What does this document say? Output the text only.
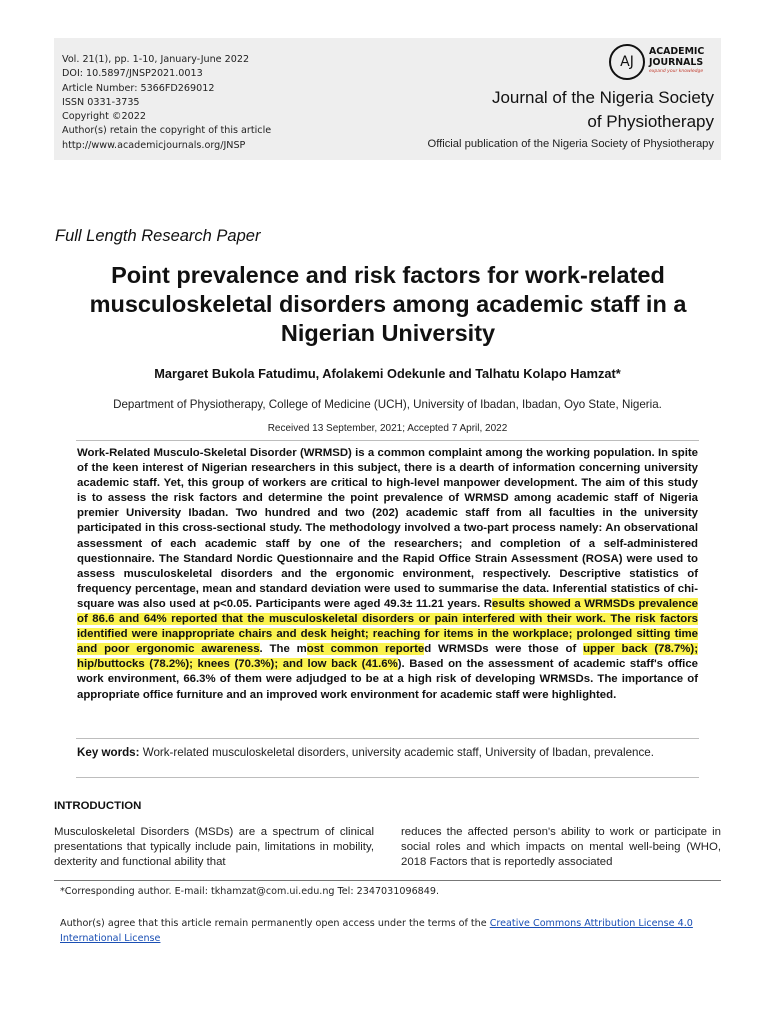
Vol. 21(1), pp. 1-10, January-June 2022
DOI: 10.5897/JNSP2021.0013
Article Number: 5366FD269012
ISSN 0331-3735
Copyright ©2022
Author(s) retain the copyright of this article
http://www.academicjournals.org/JNSP
AJ
ACADEMIC
JOURNALS
expand your knowledge
Journal of the Nigeria Society
of Physiotherapy
Official publication of the Nigeria Society of Physiotherapy
Full Length Research Paper
Point prevalence and risk factors for work-related musculoskeletal disorders among academic staff in a Nigerian University
Margaret Bukola Fatudimu, Afolakemi Odekunle and Talhatu Kolapo Hamzat*
Department of Physiotherapy, College of Medicine (UCH), University of Ibadan, Ibadan, Oyo State, Nigeria.
Received 13 September, 2021; Accepted 7 April, 2022
Work-Related Musculo-Skeletal Disorder (WRMSD) is a common complaint among the working population. In spite of the keen interest of Nigerian researchers in this subject, there is a dearth of information concerning university academic staff. Yet, this group of workers are critical to high-level manpower development. The aim of this study is to assess the risk factors and determine the point prevalence of WRMSD among academic staff of Nigeria premier University Ibadan. Two hundred and two (202) academic staff from all faculties in the university participated in this cross-sectional study. The methodology involved a two-part process namely: An observational assessment of each academic staff by one of the researchers; and completion of a self-administered questionnaire. The Standard Nordic Questionnaire and the Rapid Office Strain Assessment (ROSA) were used to assess musculoskeletal disorders and the ergonomic environment, respectively. Descriptive statistics of frequency percentage, mean and standard deviation were used to summarise the data. Inferential statistics of chi-square was also used at p<0.05. Participants were aged 49.3± 11.21 years. Results showed a WRMSDs prevalence of 86.6 and 64% reported that the musculoskeletal disorders or pain interfered with their work. The risk factors identified were inappropriate chairs and desk height; reaching for items in the workplace; prolonged sitting time and poor ergonomic awareness. The most common reported WRMSDs were those of upper back (78.7%); hip/buttocks (78.2%); knees (70.3%); and low back (41.6%). Based on the assessment of academic staff's office work environment, 66.3% of them were adjudged to be at a high risk of developing WRMSDs. The importance of appropriate office furniture and an improved work environment for academic staff were highlighted.
Key words: Work-related musculoskeletal disorders, university academic staff, University of Ibadan, prevalence.
INTRODUCTION
Musculoskeletal Disorders (MSDs) are a spectrum of clinical presentations that typically include pain, limitations in mobility, dexterity and functional ability that
reduces the affected person's ability to work or participate in social roles and which impacts on mental well-being (WHO, 2018 Factors that is reportedly associated
*Corresponding author. E-mail: tkhamzat@com.ui.edu.ng Tel: 2347031096849.
Author(s) agree that this article remain permanently open access under the terms of the Creative Commons Attribution License 4.0 International License
